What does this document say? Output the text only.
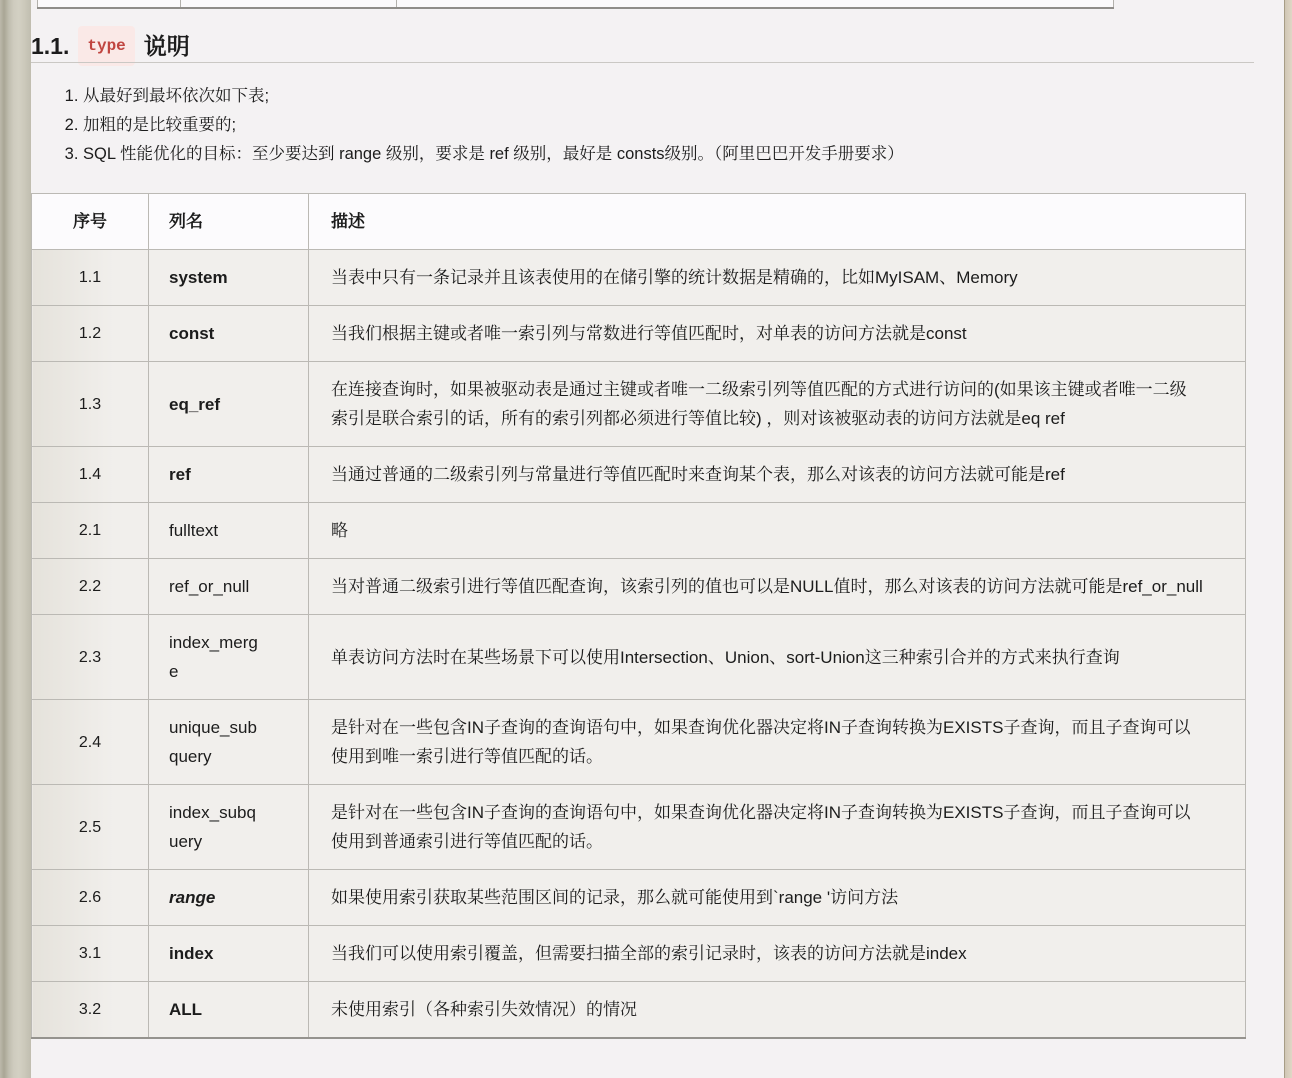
1.1.	type 说明
1. 从最好到最坏依次如下表;
2. 加粗的是比较重要的;
3. SQL 性能优化的目标：至少要达到 range 级别，要求是 ref 级别，最好是 consts级别。（阿里巴巴开发手册要求）
序号	列名	描述
1.1	system	当表中只有一条记录并且该表使用的在储引擎的统计数据是精确的，比如MyISAM、Memory
1.2	const	当我们根据主键或者唯一索引列与常数进行等值匹配时，对单表的访问方法就是const
1.3	eq_ref	在连接查询时，如果被驱动表是通过主键或者唯一二级索引列等值匹配的方式进行访问的(如果该主键或者唯一二级索引是联合索引的话，所有的索引列都必须进行等值比较) ，则对该被驱动表的访问方法就是eq ref
1.4	ref	当通过普通的二级索引列与常量进行等值匹配时来查询某个表，那么对该表的访问方法就可能是ref
2.1	fulltext	略
2.2	ref_or_null	当对普通二级索引进行等值匹配查询，该索引列的值也可以是NULL值时，那么对该表的访问方法就可能是ref_or_null
2.3	index_merge	单表访问方法时在某些场景下可以使用Intersection、Union、sort-Union这三种索引合并的方式来执行查询
2.4	unique_subquery	是针对在一些包含IN子查询的查询语句中，如果查询优化器决定将IN子查询转换为EXISTS子查询，而且子查询可以使用到唯一索引进行等值匹配的话。
2.5	index_subquery	是针对在一些包含IN子查询的查询语句中，如果查询优化器决定将IN子查询转换为EXISTS子查询，而且子查询可以使用到普通索引进行等值匹配的话。
2.6	range	如果使用索引获取某些范围区间的记录，那么就可能使用到`range '访问方法
3.1	index	当我们可以使用索引覆盖，但需要扫描全部的索引记录时，该表的访问方法就是index
3.2	ALL	未使用索引（各种索引失效情况）的情况
